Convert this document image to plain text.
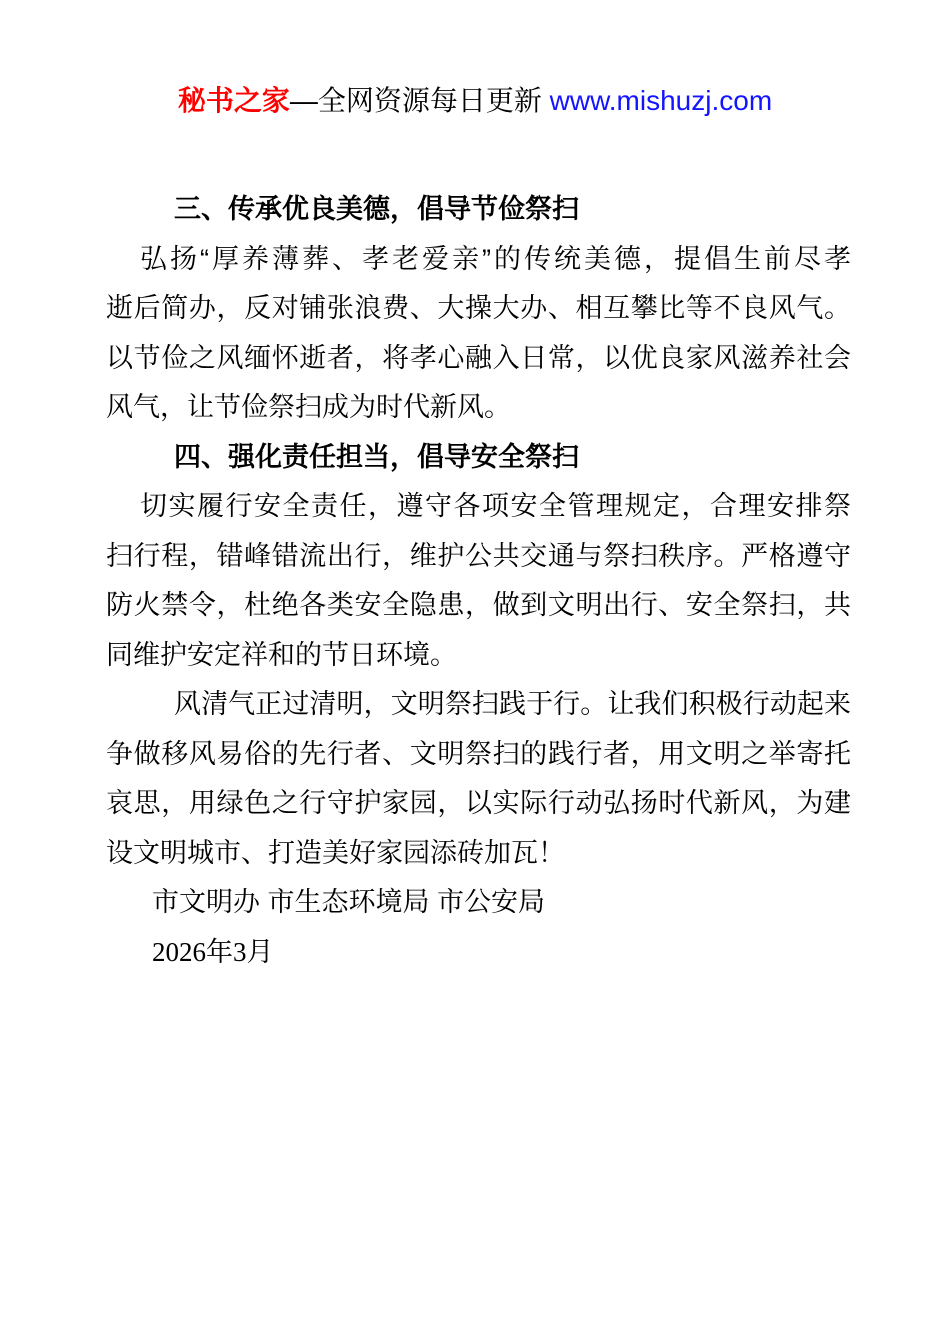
秘书之家—全网资源每日更新 www.mishuzj.com
三、传承优良美德，倡导节俭祭扫
弘扬“厚养薄葬、孝老爱亲”的传统美德，提倡生前尽孝
逝后简办，反对铺张浪费、大操大办、相互攀比等不良风气。
以节俭之风缅怀逝者，将孝心融入日常，以优良家风滋养社会
风气，让节俭祭扫成为时代新风。
四、强化责任担当，倡导安全祭扫
切实履行安全责任，遵守各项安全管理规定，合理安排祭
扫行程，错峰错流出行，维护公共交通与祭扫秩序。严格遵守
防火禁令，杜绝各类安全隐患，做到文明出行、安全祭扫，共
同维护安定祥和的节日环境。
风清气正过清明，文明祭扫践于行。让我们积极行动起来
争做移风易俗的先行者、文明祭扫的践行者，用文明之举寄托
哀思，用绿色之行守护家园，以实际行动弘扬时代新风，为建
设文明城市、打造美好家园添砖加瓦！
市文明办 市生态环境局 市公安局
2026年3月
